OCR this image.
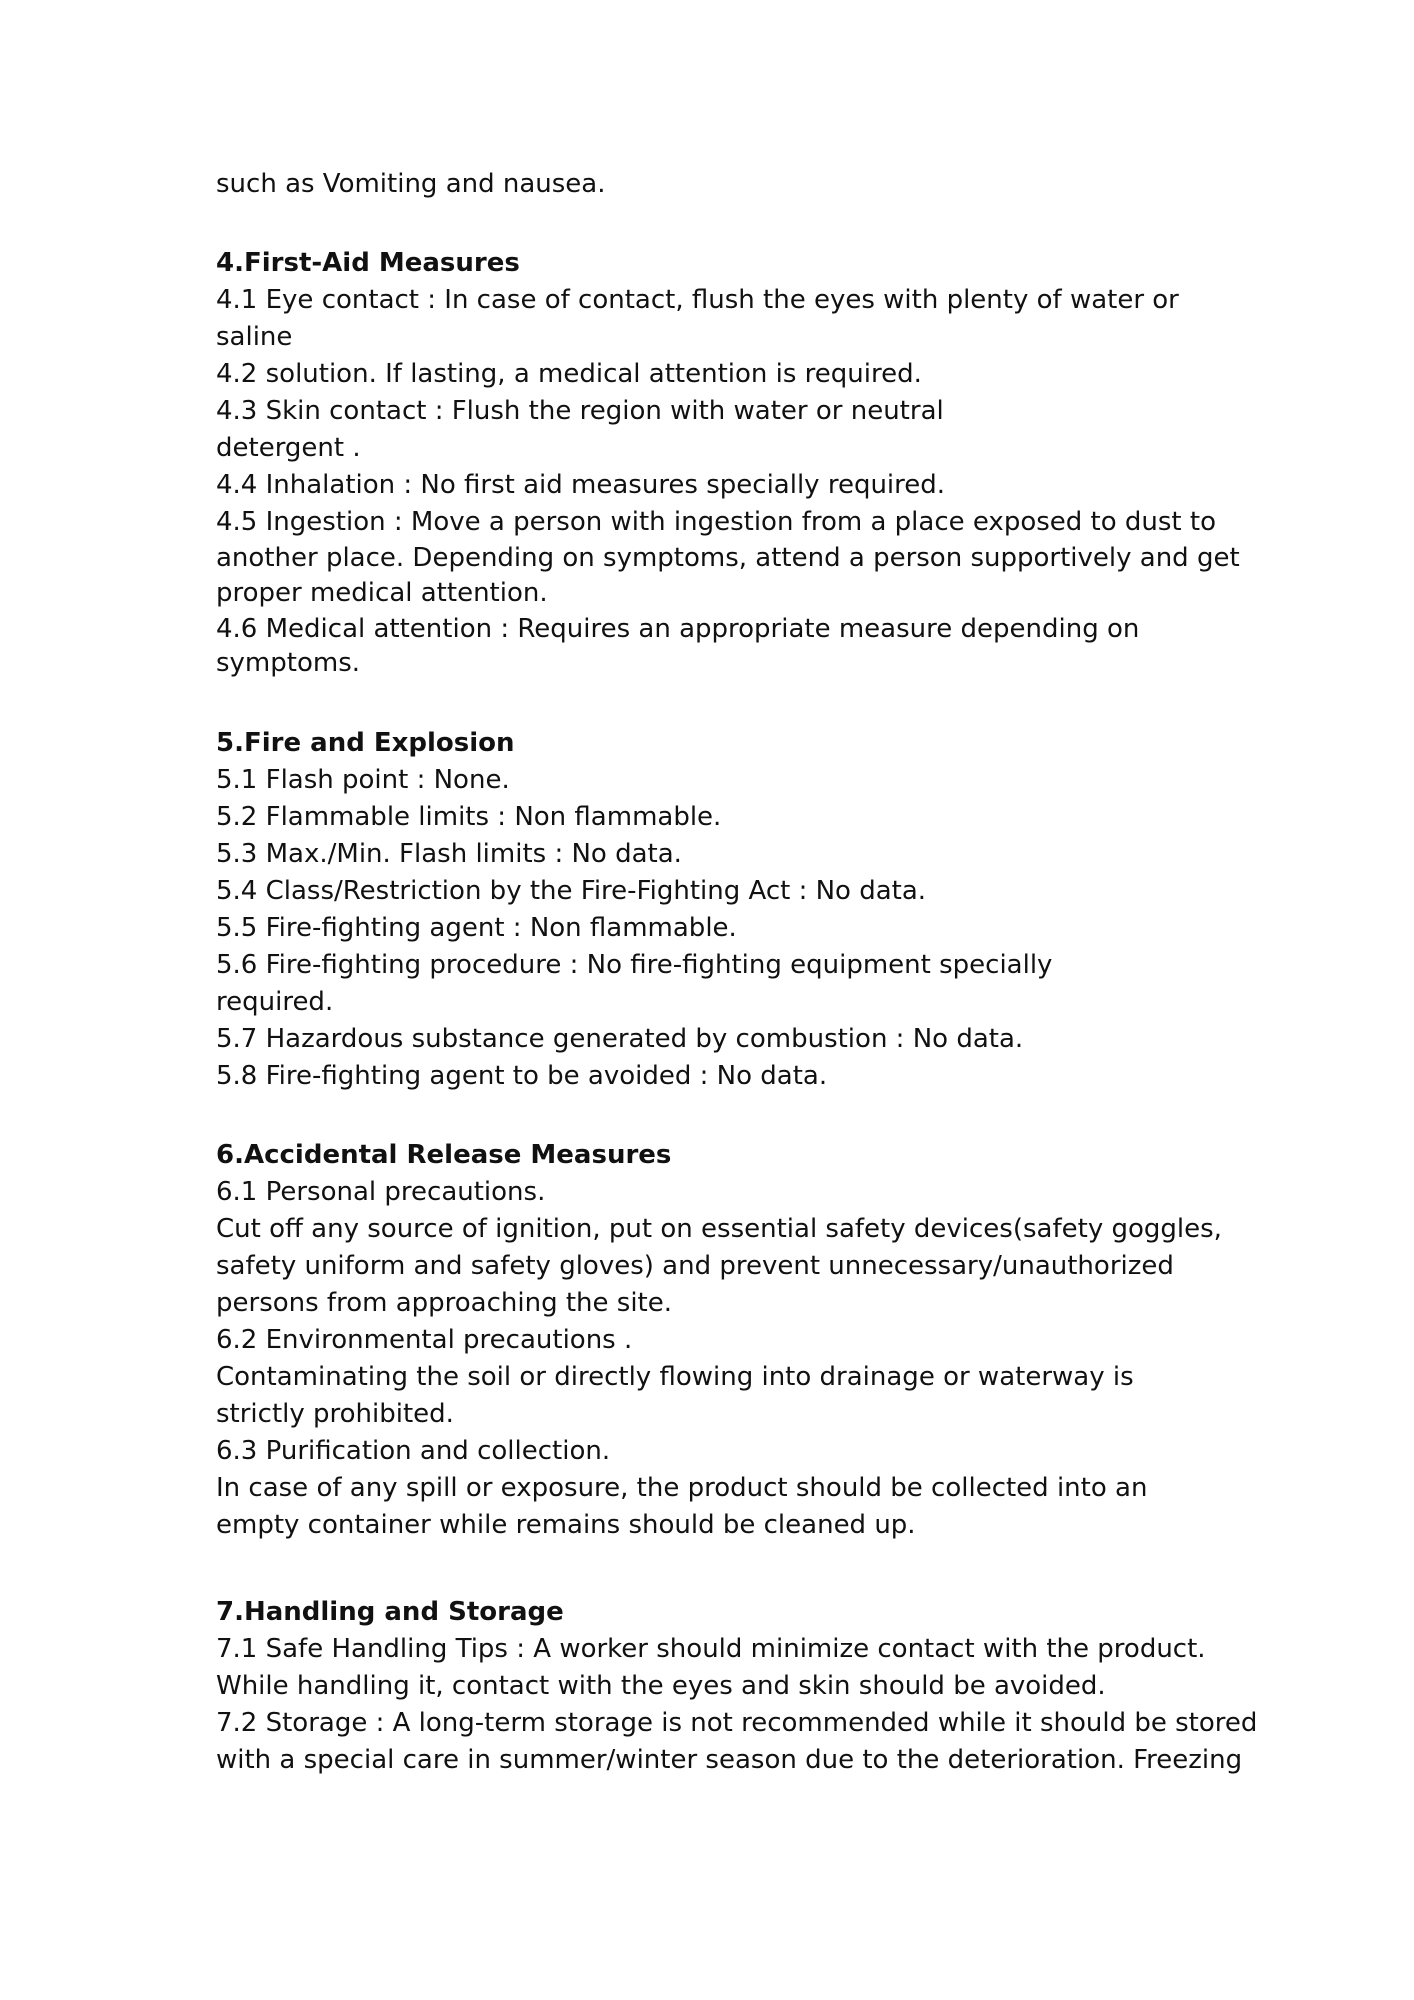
such as Vomiting and nausea.
4.First-Aid Measures
4.1 Eye contact : In case of contact, flush the eyes with plenty of water or
saline
4.2 solution. If lasting, a medical attention is required.
4.3 Skin contact : Flush the region with water or neutral
detergent .
4.4 Inhalation : No first aid measures specially required.
4.5 Ingestion : Move a person with ingestion from a place exposed to dust to
another place. Depending on symptoms, attend a person supportively and get
proper medical attention.
4.6 Medical attention : Requires an appropriate measure depending on
symptoms.
5.Fire and Explosion
5.1 Flash point : None.
5.2 Flammable limits : Non flammable.
5.3 Max./Min. Flash limits : No data.
5.4 Class/Restriction by the Fire-Fighting Act : No data.
5.5 Fire-fighting agent : Non flammable.
5.6 Fire-fighting procedure : No fire-fighting equipment specially
required.
5.7 Hazardous substance generated by combustion : No data.
5.8 Fire-fighting agent to be avoided : No data.
6.Accidental Release Measures
6.1 Personal precautions.
Cut off any source of ignition, put on essential safety devices(safety goggles,
safety uniform and safety gloves) and prevent unnecessary/unauthorized
persons from approaching the site.
6.2 Environmental precautions .
Contaminating the soil or directly flowing into drainage or waterway is
strictly prohibited.
6.3 Purification and collection.
In case of any spill or exposure, the product should be collected into an
empty container while remains should be cleaned up.
7.Handling and Storage
7.1 Safe Handling Tips : A worker should minimize contact with the product.
While handling it, contact with the eyes and skin should be avoided.
7.2 Storage : A long-term storage is not recommended while it should be stored
with a special care in summer/winter season due to the deterioration. Freezing
